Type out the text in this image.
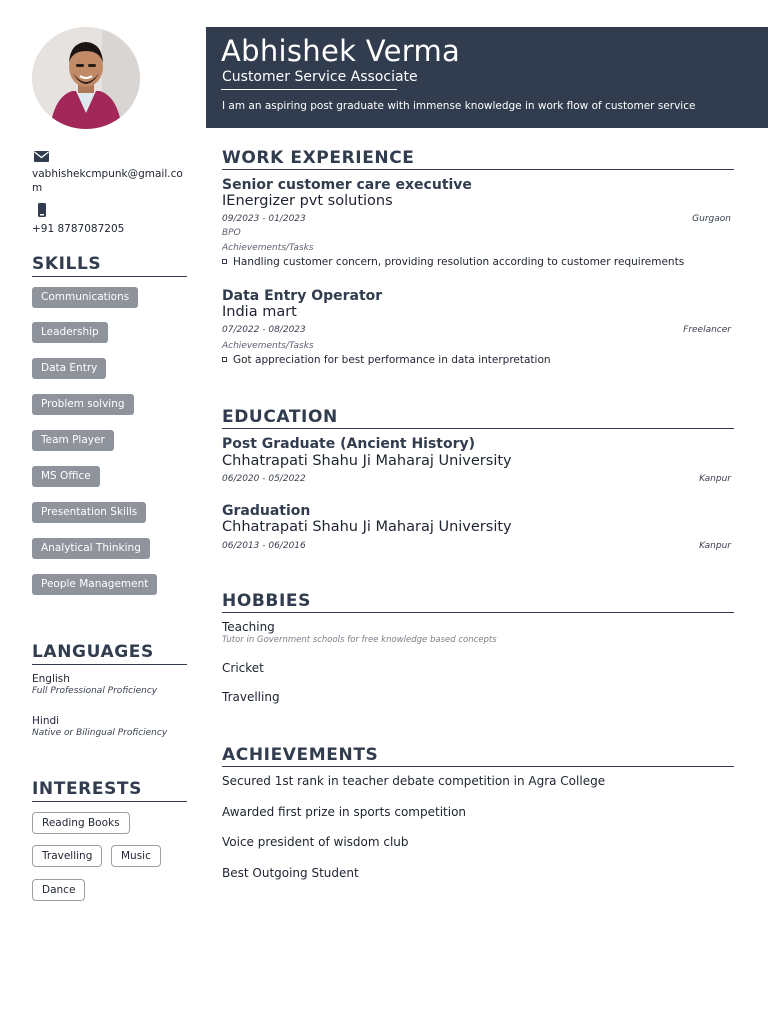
vabhishekcmpunk@gmail.com
+91 8787087205
SKILLS
Communications
Leadership
Data Entry
Problem solving
Team Player
MS Office
Presentation Skills
Analytical Thinking
People Management
LANGUAGES
English
Full Professional Proficiency
Hindi
Native or Bilingual Proficiency
INTERESTS
Reading Books
Travelling	Music
Dance
Abhishek Verma
Customer Service Associate
I am an aspiring post graduate with immense knowledge in work flow of customer service
WORK EXPERIENCE
Senior customer care executive
IEnergizer pvt solutions
09/2023 - 01/2023	Gurgaon
BPO
Achievements/Tasks
Handling customer concern, providing resolution according to customer requirements
Data Entry Operator
India mart
07/2022 - 08/2023	Freelancer
Achievements/Tasks
Got appreciation for best performance in data interpretation
EDUCATION
Post Graduate (Ancient History)
Chhatrapati Shahu Ji Maharaj University
06/2020 - 05/2022	Kanpur
Graduation
Chhatrapati Shahu Ji Maharaj University
06/2013 - 06/2016	Kanpur
HOBBIES
Teaching
Tutor in Government schools for free knowledge based concepts
Cricket
Travelling
ACHIEVEMENTS
Secured 1st rank in teacher debate competition in Agra College
Awarded first prize in sports competition
Voice president of wisdom club
Best Outgoing Student
